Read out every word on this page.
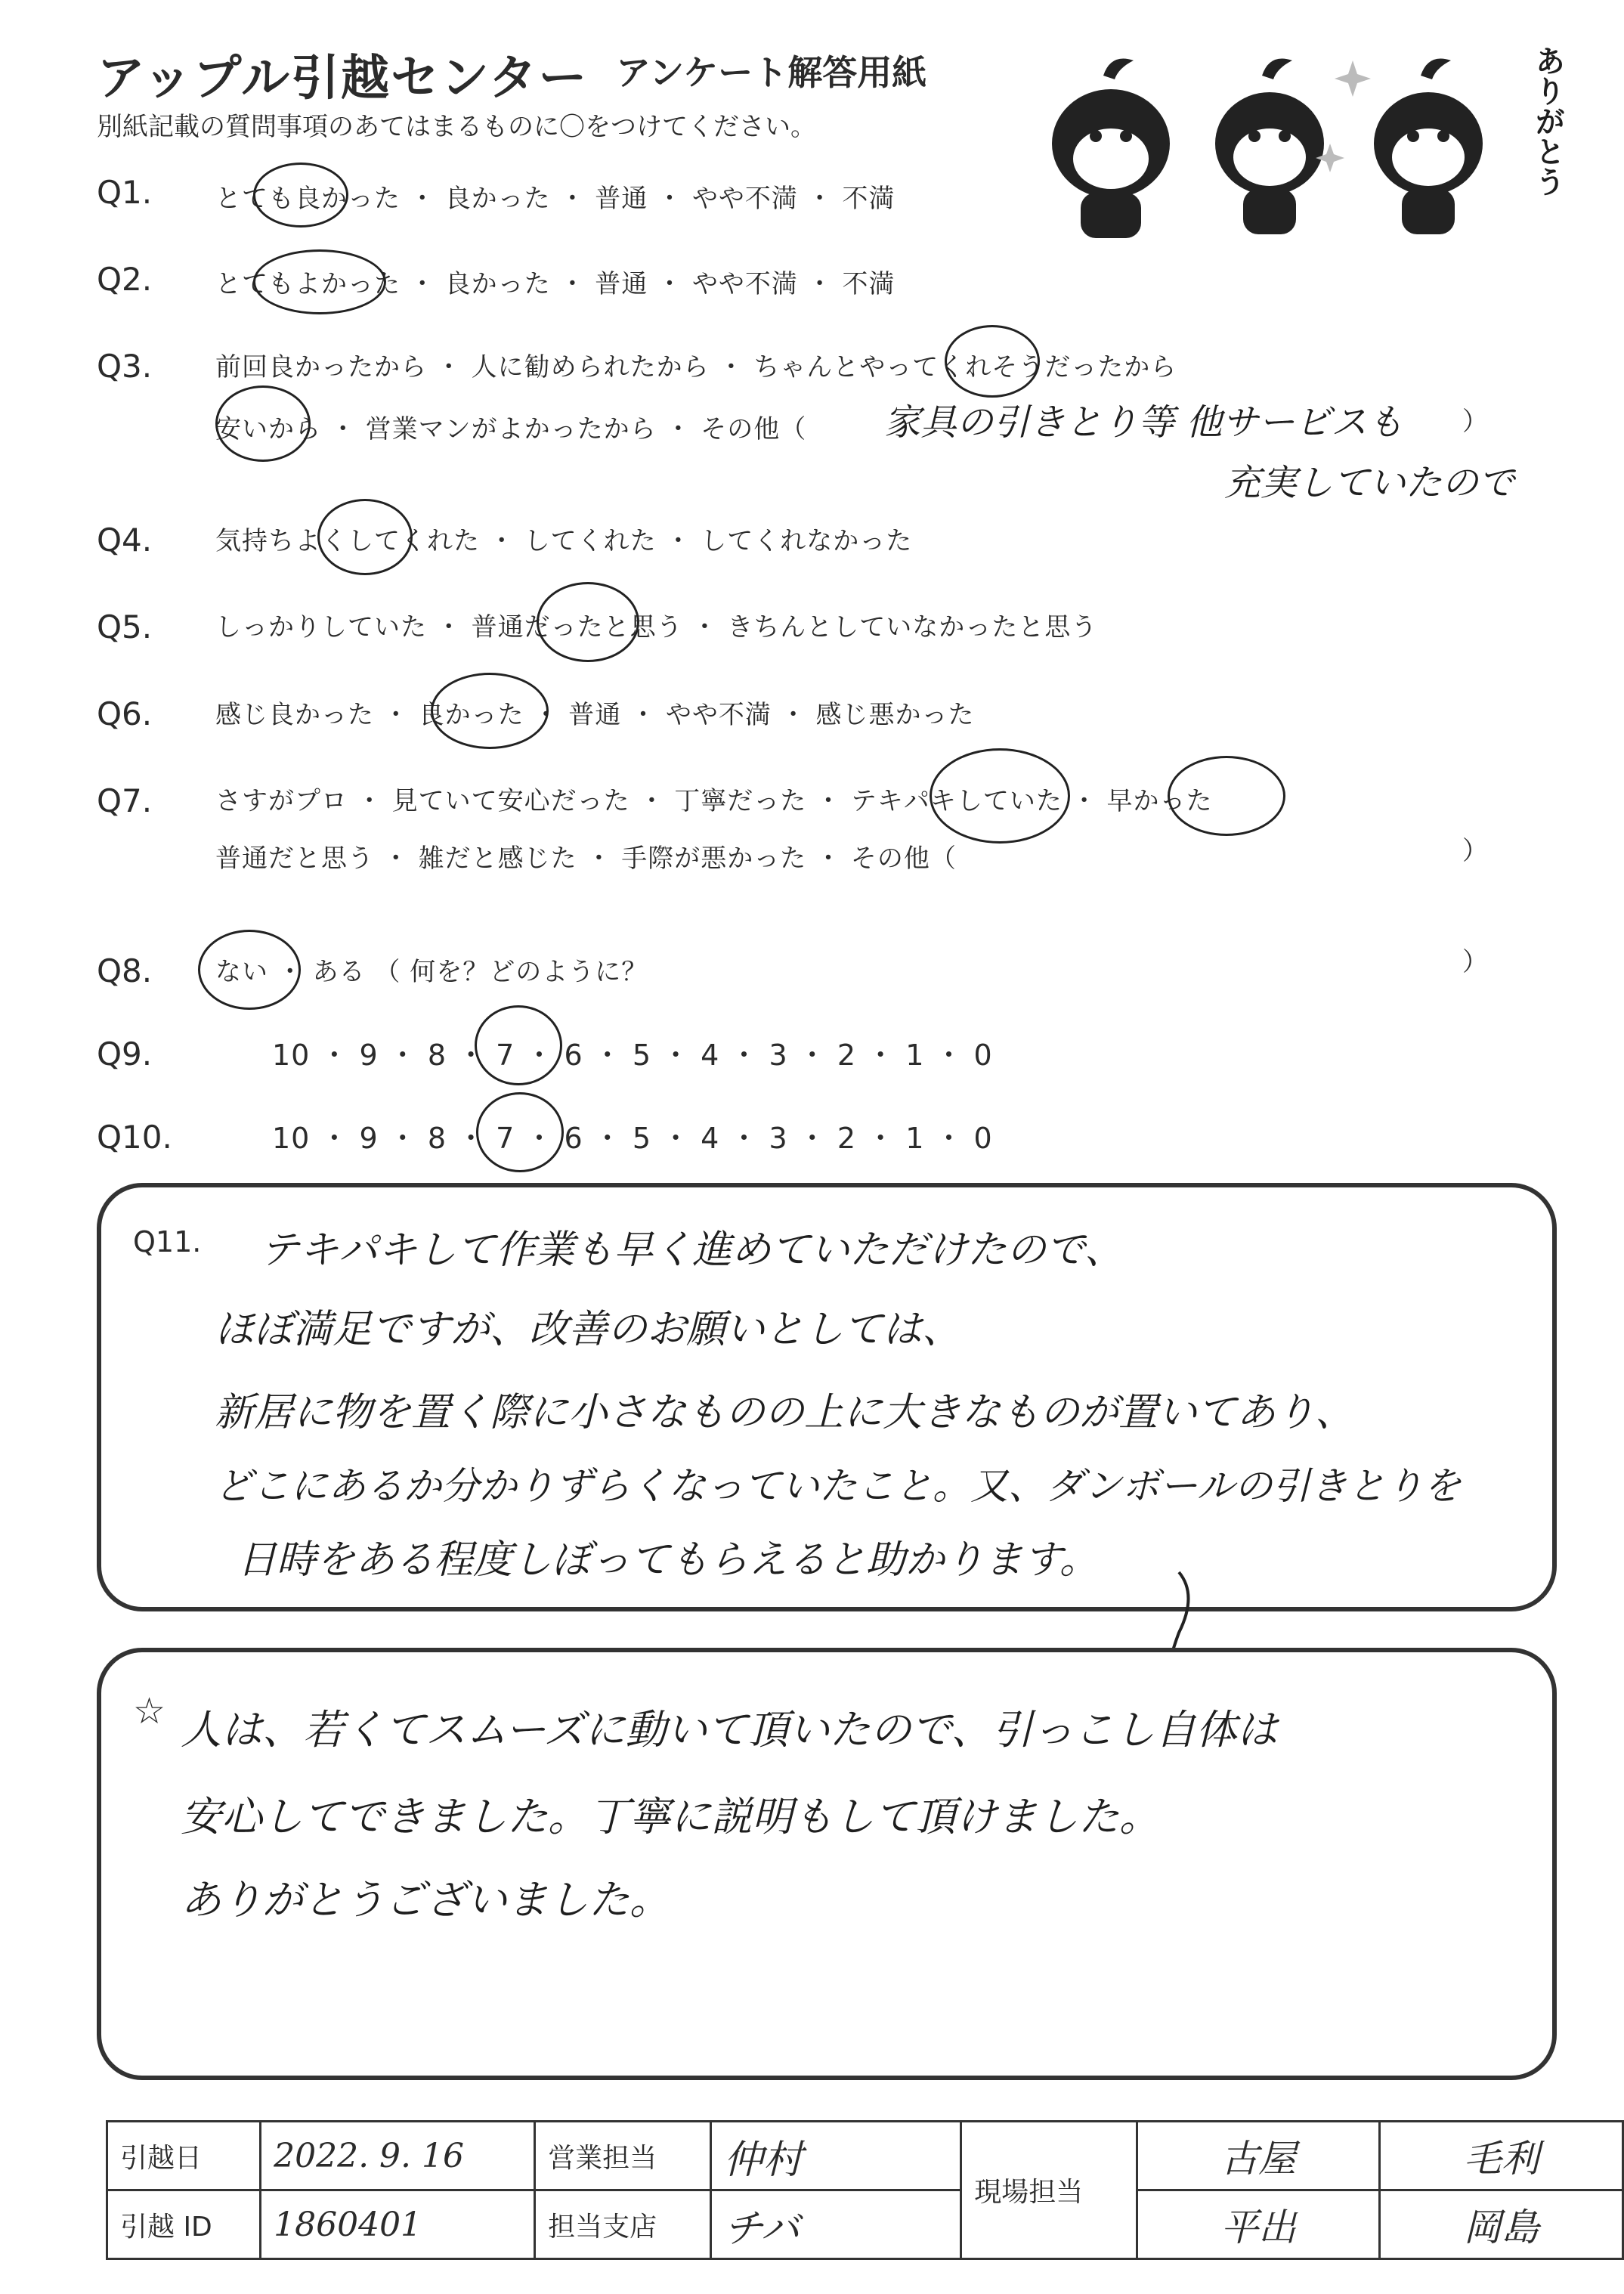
アップル引越センター アンケート解答用紙
別紙記載の質問事項のあてはまるものに〇をつけてください。	ありがとう
Q1. とても良かった ・ 良かった ・ 普通 ・ やや不満 ・ 不満
Q2. とてもよかった ・ 良かった ・ 普通 ・ やや不満 ・ 不満
Q3. 前回良かったから ・ 人に勧められたから ・ ちゃんとやってくれそうだったから
安いから ・ 営業マンがよかったから ・ その他（	）
家具の引きとり等 他サービスも
充実していたので
Q4. 気持ちよくしてくれた ・ してくれた ・ してくれなかった
Q5. しっかりしていた ・ 普通だったと思う ・ きちんとしていなかったと思う
Q6. 感じ良かった ・ 良かった ・ 普通 ・ やや不満 ・ 感じ悪かった
Q7. さすがプロ ・ 見ていて安心だった ・ 丁寧だった ・ テキパキしていた ・ 早かった
普通だと思う ・ 雑だと感じた ・ 手際が悪かった ・ その他（	）
Q8. ない ・ ある （ 何を？どのように？	）
Q9.	10 ・ 9 ・ 8 ・ 7 ・ 6 ・ 5 ・ 4 ・ 3 ・ 2 ・ 1 ・ 0
Q10.	10 ・ 9 ・ 8 ・ 7 ・ 6 ・ 5 ・ 4 ・ 3 ・ 2 ・ 1 ・ 0
Q11. テキパキして作業も早く進めていただけたので、
ほぼ満足ですが、改善のお願いとしては、
新居に物を置く際に小さなものの上に大きなものが置いてあり、
どこにあるか分かりずらくなっていたこと。又、ダンボールの引きとりを
日時をある程度しぼってもらえると助かります。
☆ 人は、若くてスムーズに動いて頂いたので、引っこし自体は
安心してできました。丁寧に説明もして頂けました。
ありがとうございました。
引越日	2022. 9. 16	営業担当	仲村	現場担当	古屋	毛利
引越 ID	1860401	担当支店	チバ		平出	岡島
